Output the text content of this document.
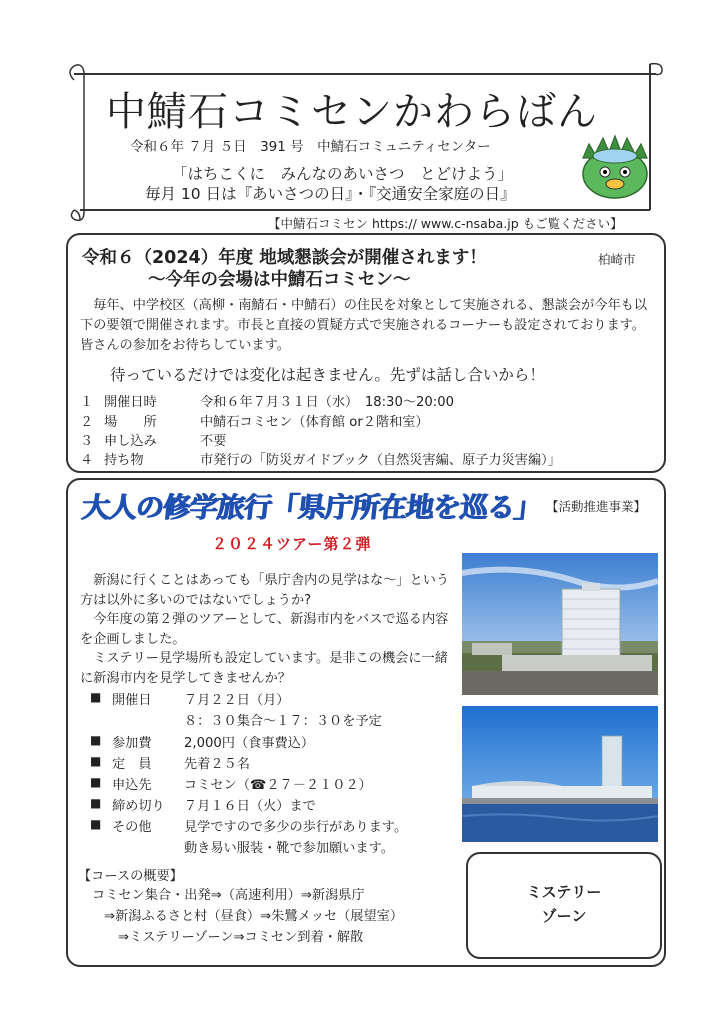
中鯖石コミセンかわらばん
令和６年 ７月 ５日　391 号　中鯖石コミュニティセンター
「はちこくに　みんなのあいさつ　とどけよう」
毎月 10 日は『あいさつの日』・『交通安全家庭の日』
【中鯖石コミセン https:// www.c-nsaba.jp もご覧ください】
令和６（2024）年度 地域懇談会が開催されます！	柏崎市
～今年の会場は中鯖石コミセン～
毎年、中学校区（高柳・南鯖石・中鯖石）の住民を対象として実施される、懇談会が今年も以下の要領で開催されます。市長と直接の質疑方式で実施されるコーナーも設定されております。皆さんの参加をお待ちしています。
待っているだけでは変化は起きません。先ずは話し合いから！
１ 開催日時	令和６年７月３１日（水）　18:30～20:00
２ 場　　所	中鯖石コミセン（体育館 or２階和室）
３ 申し込み	不要
４ 持ち物	市発行の「防災ガイドブック（自然災害編、原子力災害編）」
大人の修学旅行「県庁所在地を巡る」 【活動推進事業】
２０２４ツアー第２弾

新潟に行くことはあっても「県庁舎内の見学はな～」という方は以外に多いのではないでしょうか?

今年度の第２弾のツアーとして、新潟市内をバスで巡る内容を企画しました。

ミステリー見学場所も設定しています。是非この機会に一緒に新潟市内を見学してきませんか？

■ 開催日 ７月２２日（月）
８：３０集合～１７：３０を予定
■ 参加費 2,000円（食事費込）
■ 定　員 先着２５名
■ 申込先 コミセン（☎２７－２１０２）
■ 締め切り ７月１６日（火）まで
■ その他 見学ですので多少の歩行があります。
動き易い服装・靴で参加願います。
【コースの概要】
コミセン集合・出発⇒（高速利用）⇒新潟県庁
⇒新潟ふるさと村（昼食）⇒朱鷺メッセ（展望室）
⇒ミステリーゾーン⇒コミセン到着・解散
ミステリー
ゾーン
